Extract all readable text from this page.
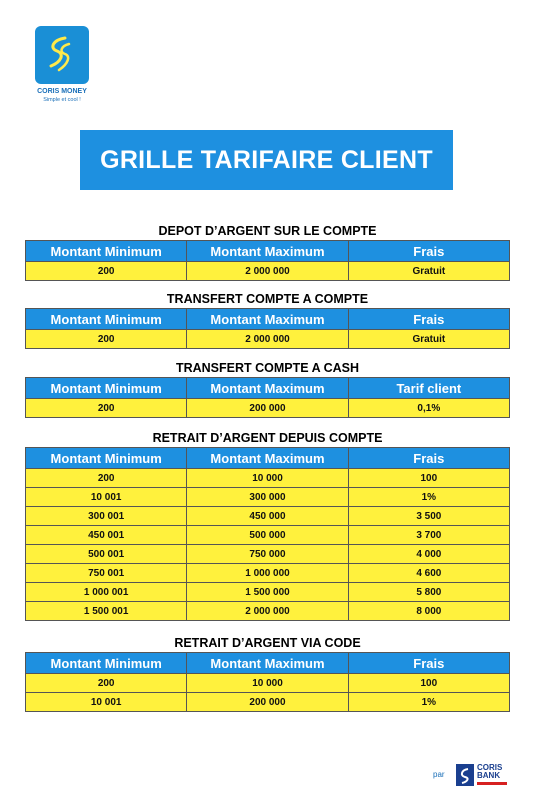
CORIS MONEY
Simple et cool !
GRILLE TARIFAIRE CLIENT
DEPOT D’ARGENT SUR LE COMPTE
Montant Minimum	Montant Maximum	Frais
200	2 000 000	Gratuit
TRANSFERT COMPTE A COMPTE
Montant Minimum	Montant Maximum	Frais
200	2 000 000	Gratuit
TRANSFERT COMPTE A CASH
Montant Minimum	Montant Maximum	Tarif client
200	200 000	0,1%
RETRAIT D’ARGENT DEPUIS COMPTE
Montant Minimum	Montant Maximum	Frais
200	10 000	100
10 001	300 000	1%
300 001	450 000	3 500
450 001	500 000	3 700
500 001	750 000	4 000
750 001	1 000 000	4 600
1 000 001	1 500 000	5 800
1 500 001	2 000 000	8 000
RETRAIT D’ARGENT VIA CODE
Montant Minimum	Montant Maximum	Frais
200	10 000	100
10 001	200 000	1%
par
CORIS
BANK
